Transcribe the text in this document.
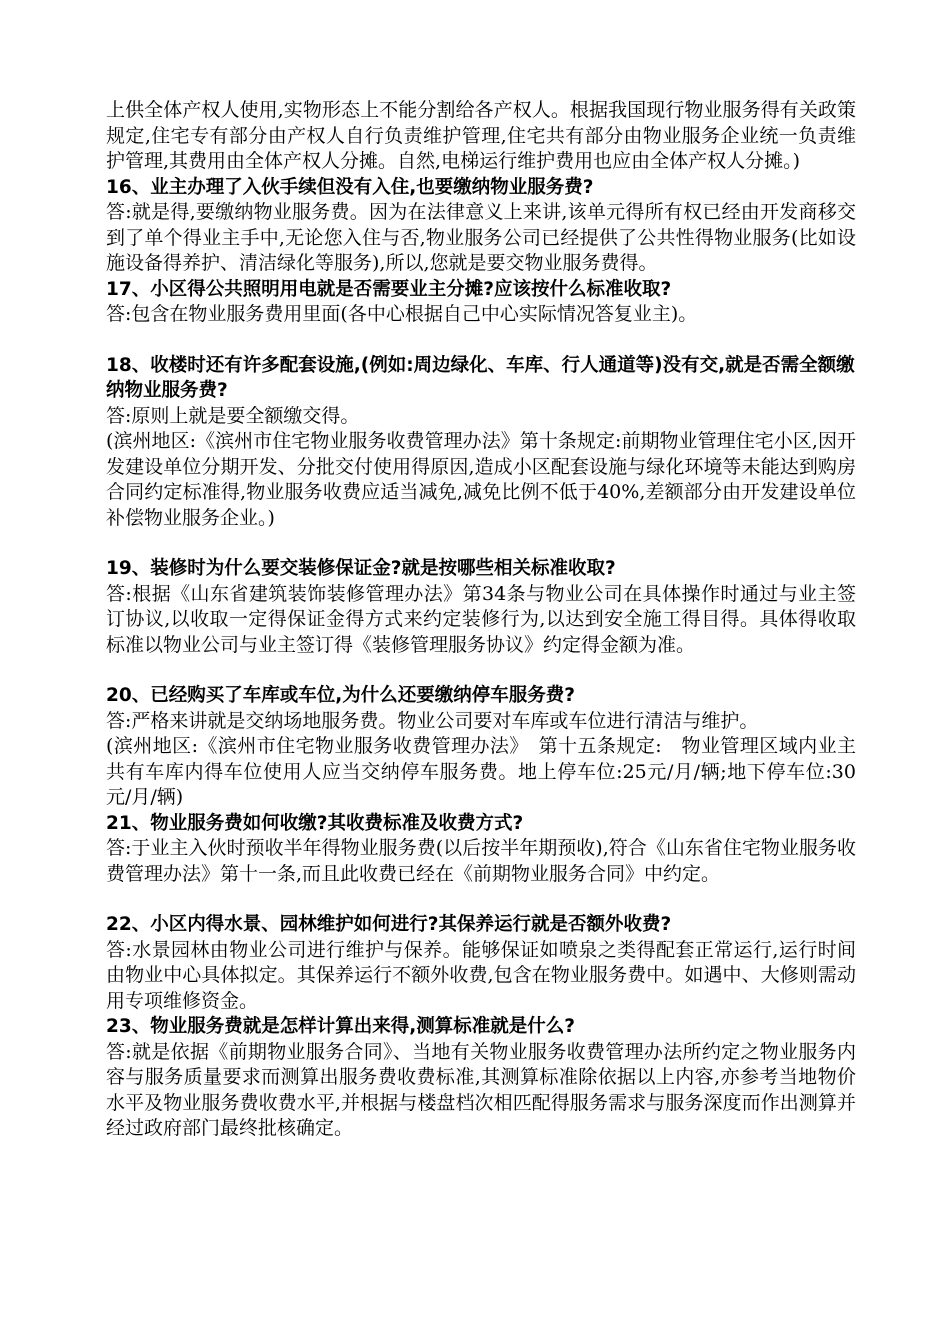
上供全体产权人使用,实物形态上不能分割给各产权人。根据我国现行物业服务得有关政策规定,住宅专有部分由产权人自行负责维护管理,住宅共有部分由物业服务企业统一负责维护管理,其费用由全体产权人分摊。自然,电梯运行维护费用也应由全体产权人分摊。)

16、业主办理了入伙手续但没有入住,也要缴纳物业服务费?

答:就是得,要缴纳物业服务费。因为在法律意义上来讲,该单元得所有权已经由开发商移交到了单个得业主手中,无论您入住与否,物业服务公司已经提供了公共性得物业服务(比如设施设备得养护、清洁绿化等服务),所以,您就是要交物业服务费得。

17、小区得公共照明用电就是否需要业主分摊?应该按什么标准收取?

答:包含在物业服务费用里面(各中心根据自己中心实际情况答复业主)。

18、收楼时还有许多配套设施,(例如:周边绿化、车库、行人通道等)没有交,就是否需全额缴纳物业服务费?

答:原则上就是要全额缴交得。

(滨州地区:《滨州市住宅物业服务收费管理办法》第十条规定:前期物业管理住宅小区,因开发建设单位分期开发、分批交付使用得原因,造成小区配套设施与绿化环境等未能达到购房合同约定标准得,物业服务收费应适当减免,减免比例不低于40%,差额部分由开发建设单位补偿物业服务企业。)

19、装修时为什么要交装修保证金?就是按哪些相关标准收取?

答:根据《山东省建筑装饰装修管理办法》第34条与物业公司在具体操作时通过与业主签订协议,以收取一定得保证金得方式来约定装修行为,以达到安全施工得目得。具体得收取标准以物业公司与业主签订得《装修管理服务协议》约定得金额为准。

20、已经购买了车库或车位,为什么还要缴纳停车服务费?

答:严格来讲就是交纳场地服务费。物业公司要对车库或车位进行清洁与维护。

(滨州地区:《滨州市住宅物业服务收费管理办法》　第十五条规定:　物业管理区域内业主共有车库内得车位使用人应当交纳停车服务费。地上停车位:25元/月/辆;地下停车位:30元/月/辆)

21、物业服务费如何收缴?其收费标准及收费方式?

答:于业主入伙时预收半年得物业服务费(以后按半年期预收),符合《山东省住宅物业服务收费管理办法》第十一条,而且此收费已经在《前期物业服务合同》中约定。

22、小区内得水景、园林维护如何进行?其保养运行就是否额外收费?

答:水景园林由物业公司进行维护与保养。能够保证如喷泉之类得配套正常运行,运行时间由物业中心具体拟定。其保养运行不额外收费,包含在物业服务费中。如遇中、大修则需动用专项维修资金。

23、物业服务费就是怎样计算出来得,测算标准就是什么?

答:就是依据《前期物业服务合同》、当地有关物业服务收费管理办法所约定之物业服务内容与服务质量要求而测算出服务费收费标准,其测算标准除依据以上内容,亦参考当地物价水平及物业服务费收费水平,并根据与楼盘档次相匹配得服务需求与服务深度而作出测算并经过政府部门最终批核确定。
